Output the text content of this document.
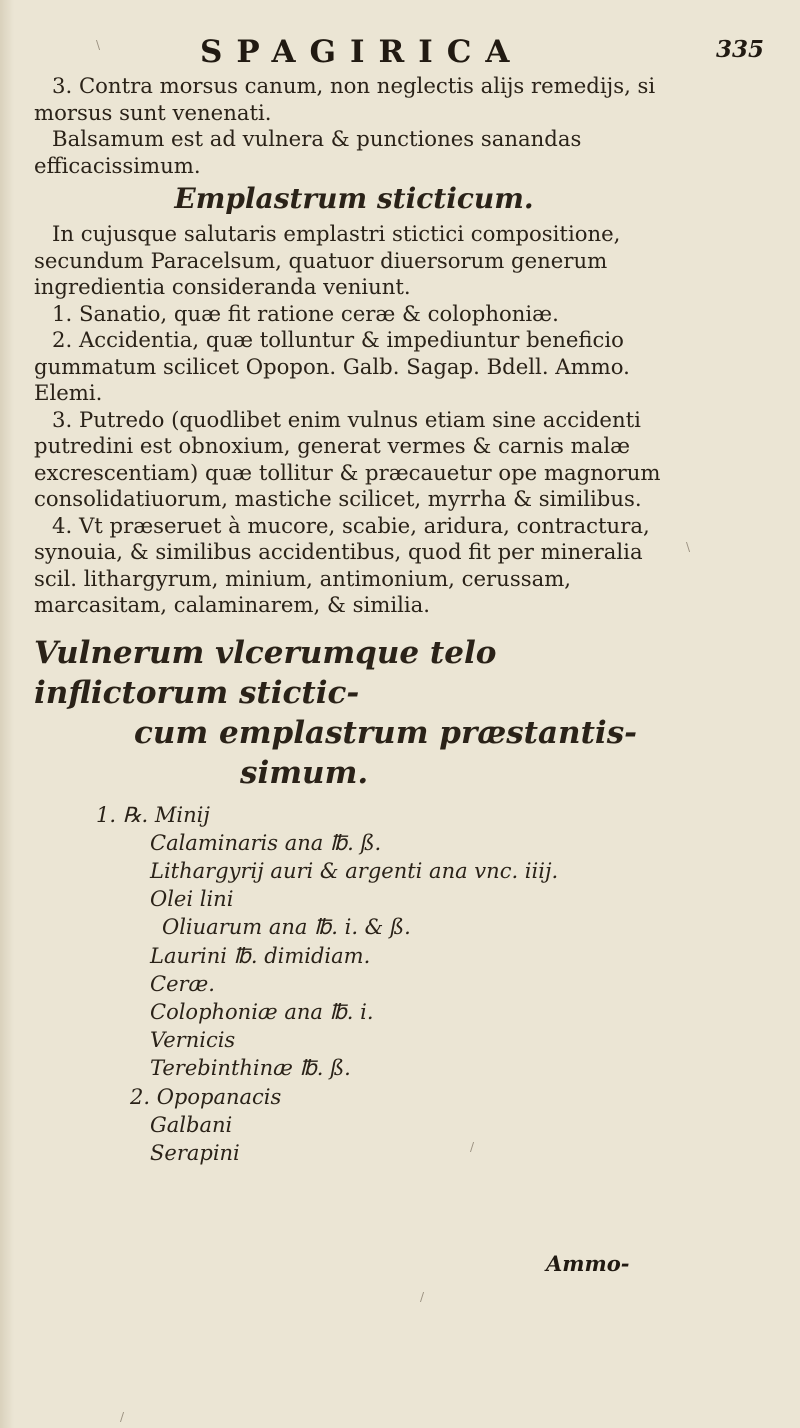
SPAGIRICA	335

3. Contra morsus canum, non neglectis alijs remedijs, si morsus sunt venenati.

Balsamum est ad vulnera & punctiones sanandas efficacissimum.

Emplastrum sticticum.

In cujusque salutaris emplastri stictici compositione, secundum Paracelsum, quatuor diuersorum generum ingredientia consideranda veniunt.

1. Sanatio, quæ fit ratione ceræ & colophoniæ.

2. Accidentia, quæ tolluntur & impediuntur beneficio gummatum scilicet Opopon. Galb. Sagap. Bdell. Ammo. Elemi.

3. Putredo (quodlibet enim vulnus etiam sine accidenti putredini est obnoxium, generat vermes & carnis malæ excrescentiam) quæ tollitur & præcauetur ope magnorum consolidatiuorum, mastiche scilicet, myrrha & similibus.

4. Vt præseruet à mucore, scabie, aridura, contractura, synouia, & similibus accidentibus, quod fit per mineralia scil. lithargyrum, minium, antimonium, cerussam, marcasitam, calaminarem, & similia.

Vulnerum vlcerumque telo inflictorum stictic-
cum emplastrum præstantis-
simum.

1. ℞. Minij
Calaminaris ana ℔. ß.
Lithargyrij auri & argenti ana vnc. iiij.
Olei lini
Oliuarum ana ℔. i. & ß.
Laurini ℔. dimidiam.
Ceræ.
Colophoniæ ana ℔. i.
Vernicis
Terebinthinæ ℔. ß.
2. Opopanacis
Galbani
Serapini
Ammo-
\
\
/
/
/
